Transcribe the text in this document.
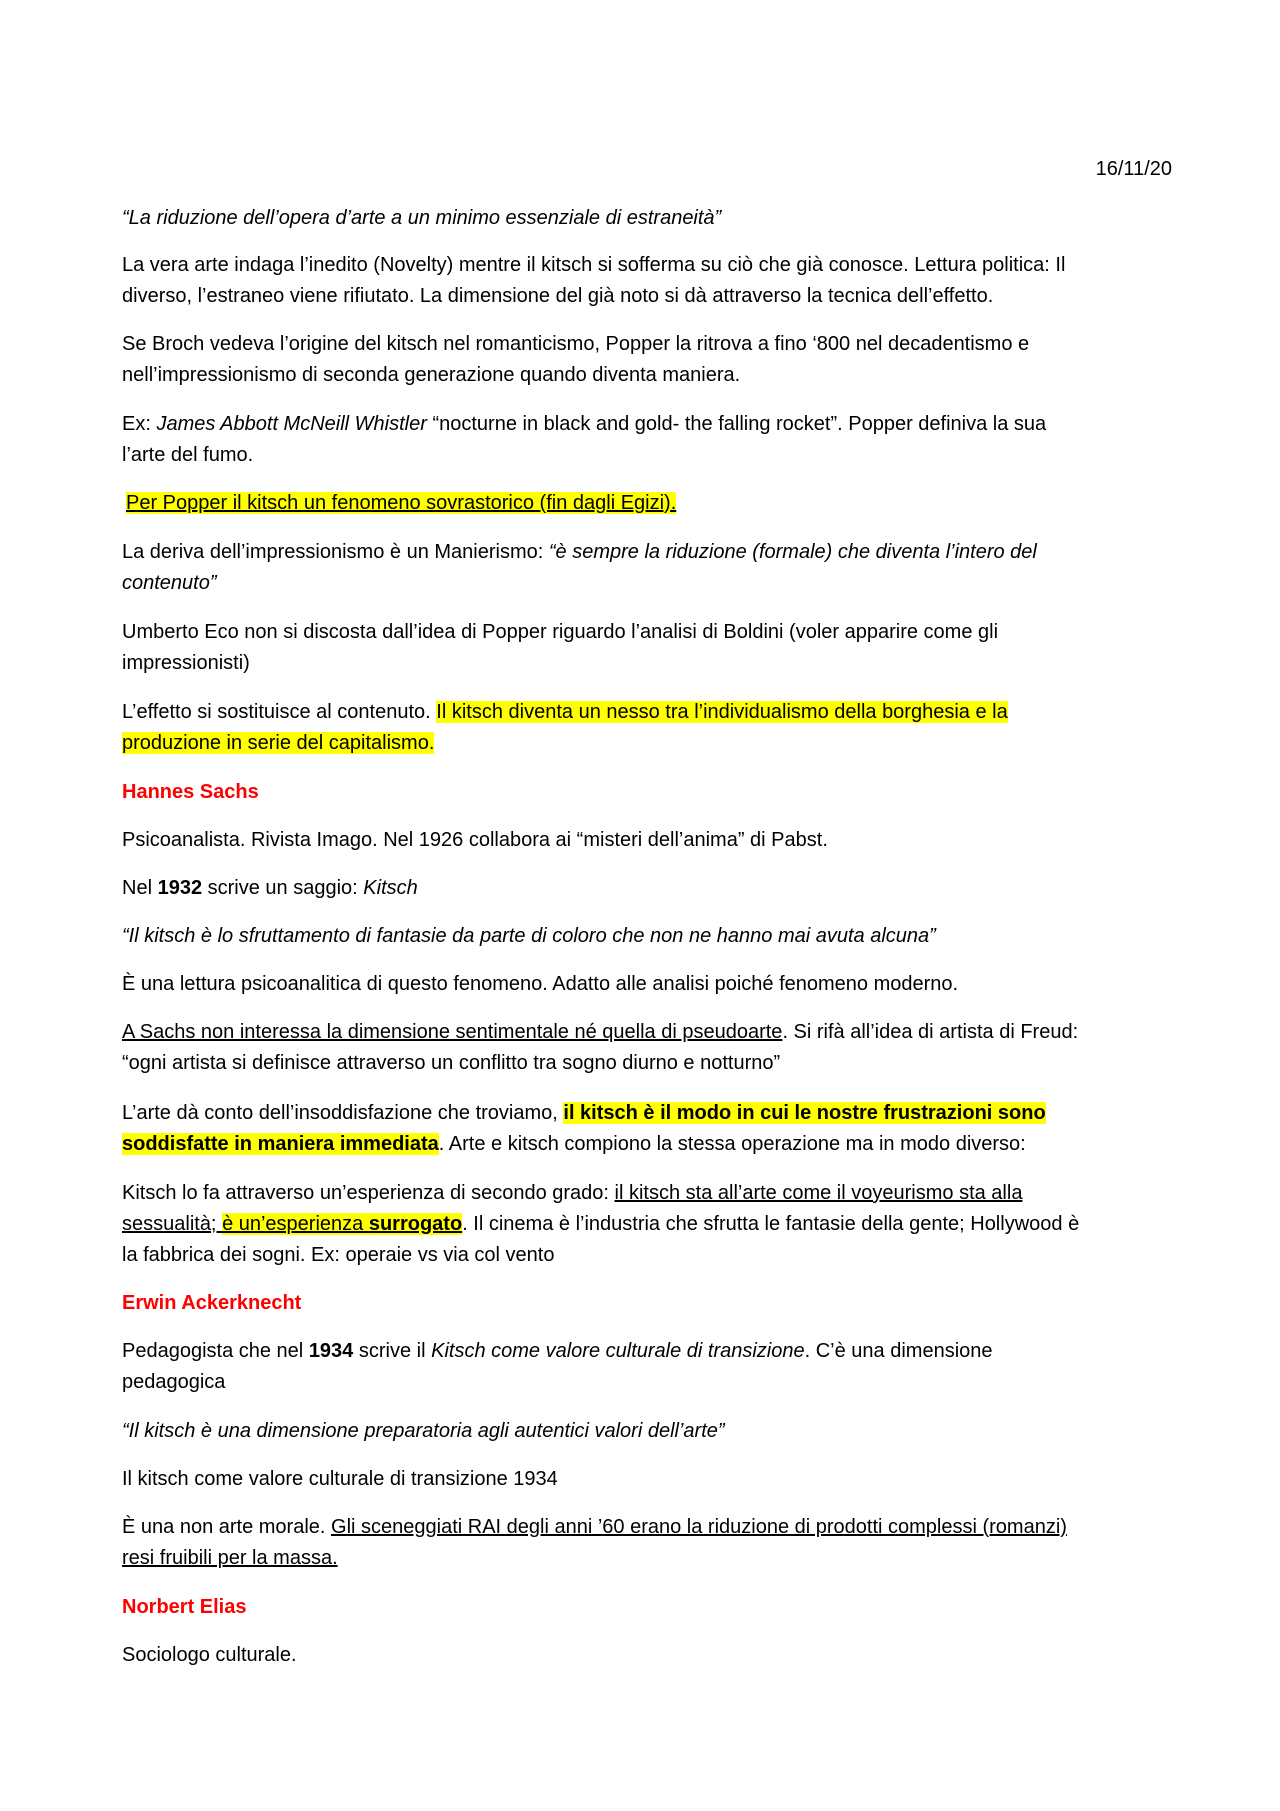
16/11/20
“La riduzione dell’opera d’arte a un minimo essenziale di estraneità”
La vera arte indaga l’inedito (Novelty) mentre il kitsch si sofferma su ciò che già conosce. Lettura politica: Il
diverso, l’estraneo viene rifiutato. La dimensione del già noto si dà attraverso la tecnica dell’effetto.
Se Broch vedeva l’origine del kitsch nel romanticismo, Popper la ritrova a fino ‘800 nel decadentismo e
nell’impressionismo di seconda generazione quando diventa maniera.
Ex: James Abbott McNeill Whistler “nocturne in black and gold- the falling rocket”. Popper definiva la sua
l’arte del fumo.
Per Popper il kitsch un fenomeno sovrastorico (fin dagli Egizi).
La deriva dell’impressionismo è un Manierismo: “è sempre la riduzione (formale) che diventa l’intero del
contenuto”
Umberto Eco non si discosta dall’idea di Popper riguardo l’analisi di Boldini (voler apparire come gli
impressionisti)
L’effetto si sostituisce al contenuto. Il kitsch diventa un nesso tra l’individualismo della borghesia e la
produzione in serie del capitalismo.
Hannes Sachs
Psicoanalista. Rivista Imago. Nel 1926 collabora ai “misteri dell’anima” di Pabst.
Nel 1932 scrive un saggio: Kitsch
“Il kitsch è lo sfruttamento di fantasie da parte di coloro che non ne hanno mai avuta alcuna”
È una lettura psicoanalitica di questo fenomeno. Adatto alle analisi poiché fenomeno moderno.
A Sachs non interessa la dimensione sentimentale né quella di pseudoarte. Si rifà all’idea di artista di Freud:
“ogni artista si definisce attraverso un conflitto tra sogno diurno e notturno”
L’arte dà conto dell’insoddisfazione che troviamo, il kitsch è il modo in cui le nostre frustrazioni sono
soddisfatte in maniera immediata. Arte e kitsch compiono la stessa operazione ma in modo diverso:
Kitsch lo fa attraverso un’esperienza di secondo grado: il kitsch sta all’arte come il voyeurismo sta alla
sessualità; è un’esperienza surrogato. Il cinema è l’industria che sfrutta le fantasie della gente; Hollywood è
la fabbrica dei sogni. Ex: operaie vs via col vento
Erwin Ackerknecht
Pedagogista che nel 1934 scrive il Kitsch come valore culturale di transizione. C’è una dimensione
pedagogica
“Il kitsch è una dimensione preparatoria agli autentici valori dell’arte”
Il kitsch come valore culturale di transizione 1934
È una non arte morale. Gli sceneggiati RAI degli anni ’60 erano la riduzione di prodotti complessi (romanzi)
resi fruibili per la massa.
Norbert Elias
Sociologo culturale.
